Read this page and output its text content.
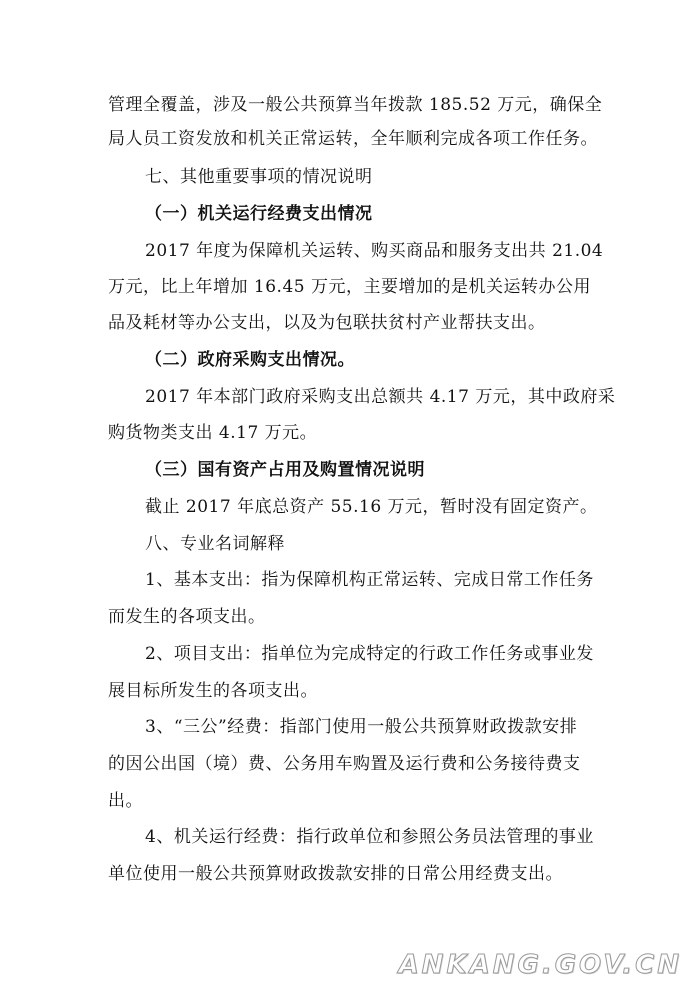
管理全覆盖，涉及一般公共预算当年拨款 185.52 万元，确保全
局人员工资发放和机关正常运转，全年顺利完成各项工作任务。
七、其他重要事项的情况说明
（一）机关运行经费支出情况
2017 年度为保障机关运转、购买商品和服务支出共 21.04
万元，比上年增加 16.45 万元，主要增加的是机关运转办公用
品及耗材等办公支出，以及为包联扶贫村产业帮扶支出。
（二）政府采购支出情况。
2017 年本部门政府采购支出总额共 4.17 万元，其中政府采
购货物类支出 4.17 万元。
（三）国有资产占用及购置情况说明
截止 2017 年底总资产 55.16 万元，暂时没有固定资产。
八、专业名词解释
1、基本支出：指为保障机构正常运转、完成日常工作任务
而发生的各项支出。
2、项目支出：指单位为完成特定的行政工作任务或事业发
展目标所发生的各项支出。
3、“三公”经费：指部门使用一般公共预算财政拨款安排
的因公出国（境）费、公务用车购置及运行费和公务接待费支
出。
4、机关运行经费：指行政单位和参照公务员法管理的事业
单位使用一般公共预算财政拨款安排的日常公用经费支出。
ANKANG.GOV.CN
